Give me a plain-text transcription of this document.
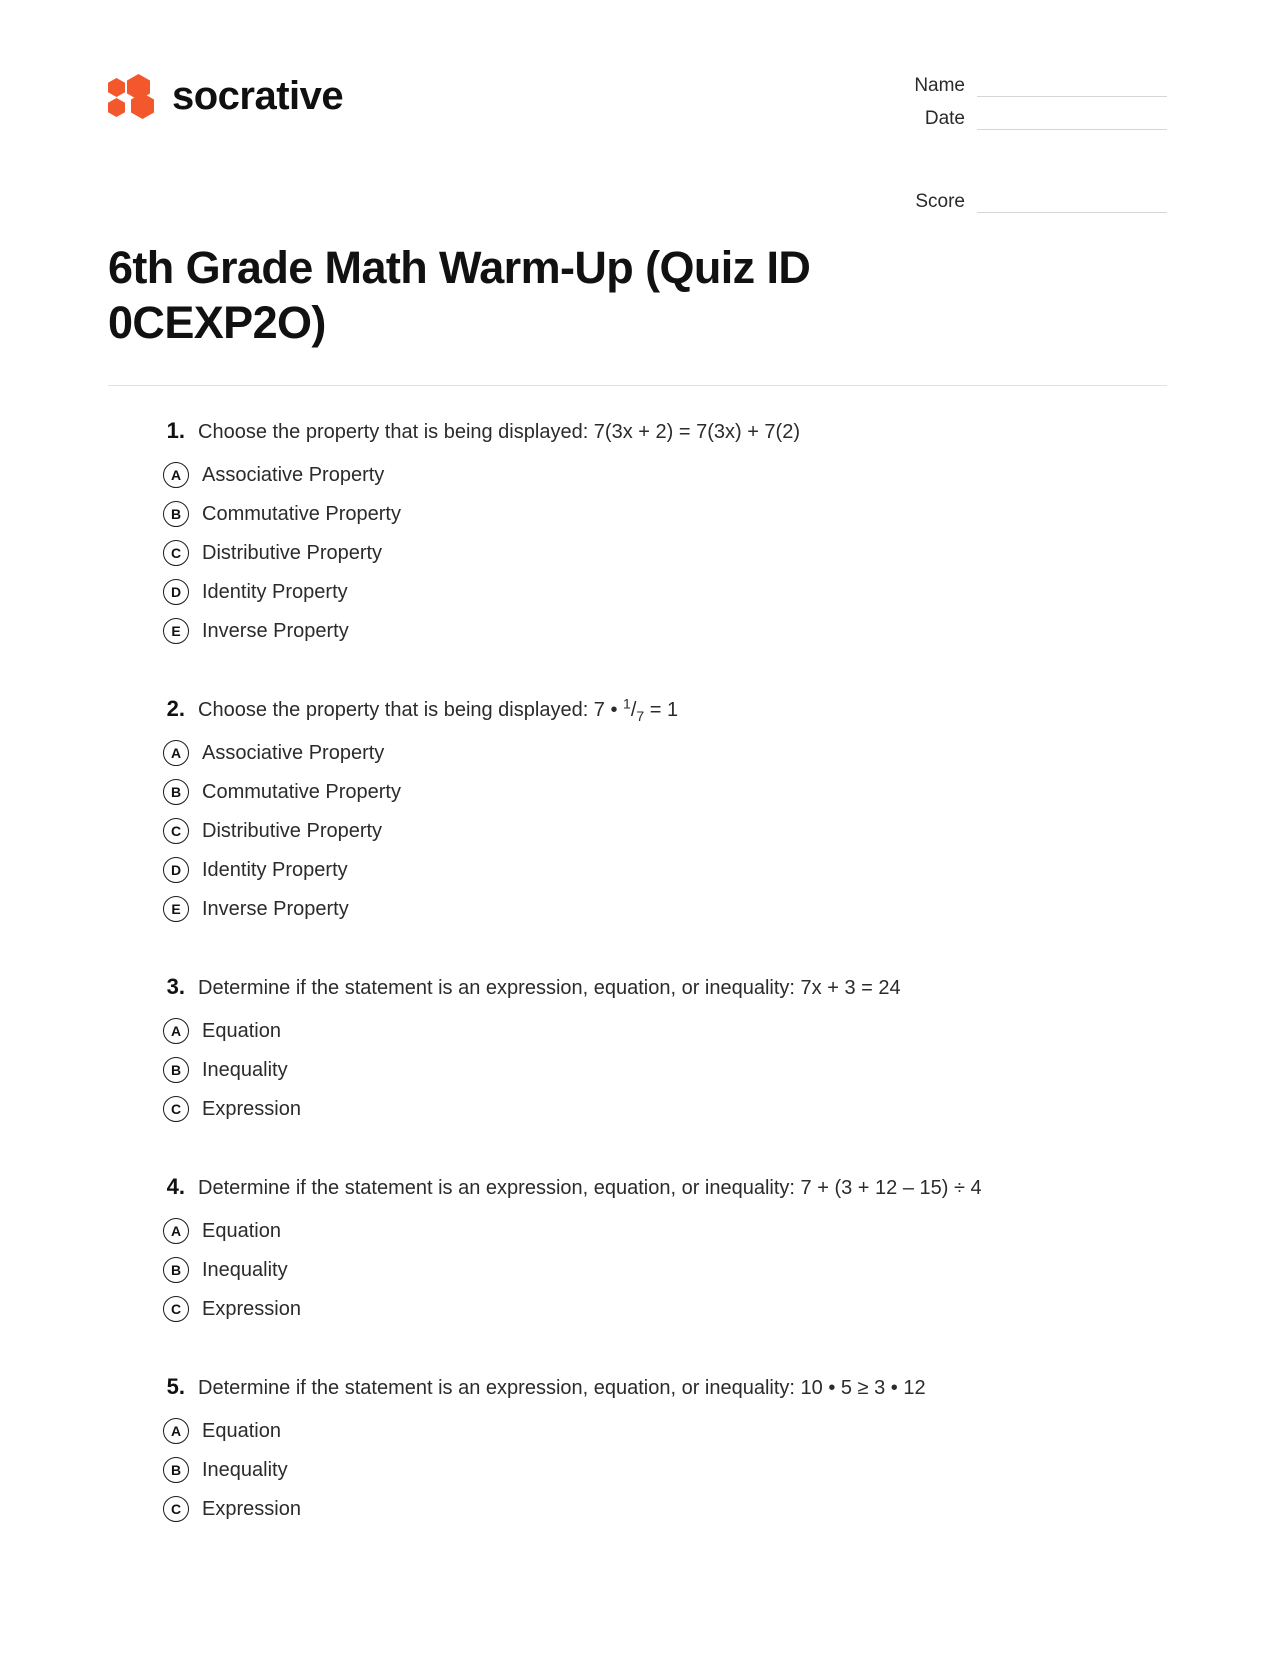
socrative	Name
Date
Score
6th Grade Math Warm-Up (Quiz ID 0CEXP2O)
1. Choose the property that is being displayed: 7(3x + 2) = 7(3x) + 7(2)
A	Associative Property
B	Commutative Property
C	Distributive Property
D	Identity Property
E	Inverse Property
2. Choose the property that is being displayed: 7 • $^1/_7 = 1$
A	Associative Property
B	Commutative Property
C	Distributive Property
D	Identity Property
E	Inverse Property
3. Determine if the statement is an expression, equation, or inequality: 7x + 3 = 24
A	Equation
B	Inequality
C	Expression
4. Determine if the statement is an expression, equation, or inequality: 7 + (3 + 12 – 15) ÷ 4
A	Equation
B	Inequality
C	Expression
5. Determine if the statement is an expression, equation, or inequality: 10 • 5 ≥ 3 • 12
A	Equation
B	Inequality
C	Expression
